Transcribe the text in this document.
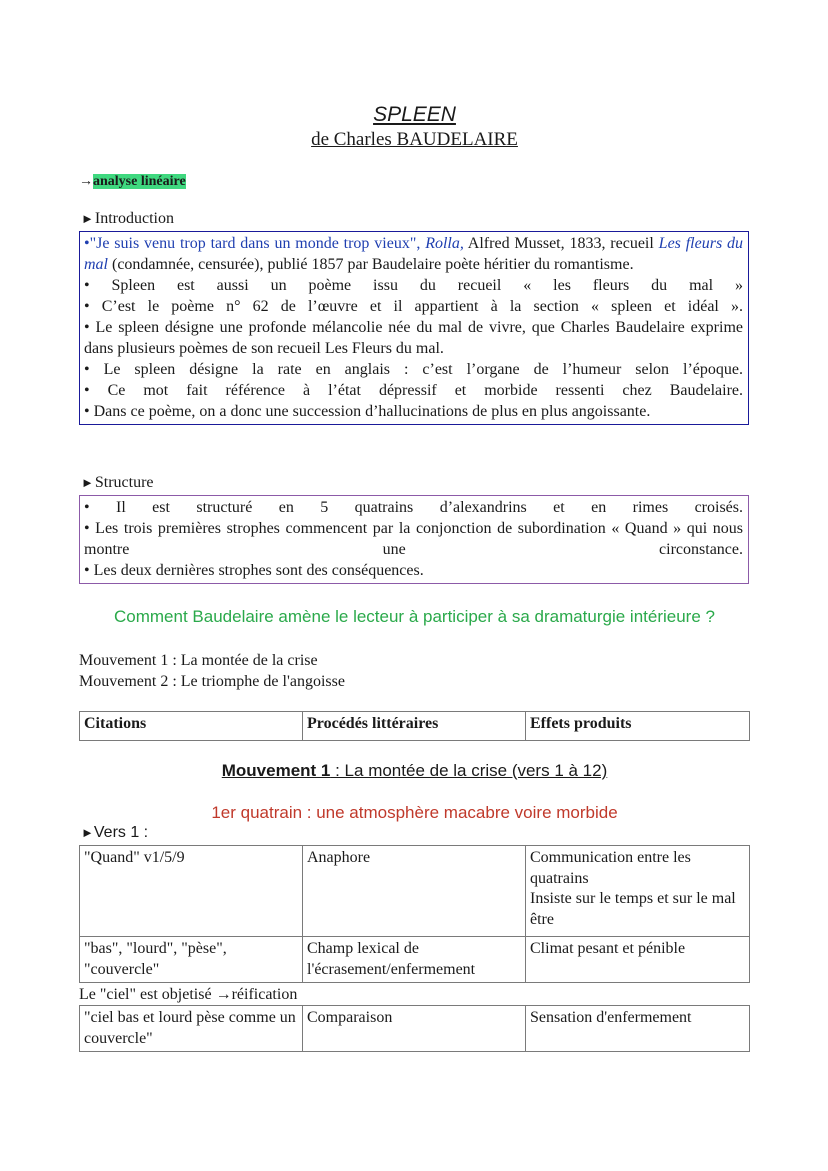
SPLEEN
de Charles BAUDELAIRE
→analyse linéaire
►Introduction

•"Je suis venu trop tard dans un monde trop vieux", Rolla, Alfred Musset, 1833, recueil Les fleurs du mal (condamnée, censurée), publié 1857 par Baudelaire poète héritier du romantisme.

• Spleen est aussi un poème issu du recueil « les fleurs du mal »

• C’est le poème n° 62 de l’œuvre et il appartient à la section « spleen et idéal ».

• Le spleen désigne une profonde mélancolie née du mal de vivre, que Charles Baudelaire exprime dans plusieurs poèmes de son recueil Les Fleurs du mal.

• Le spleen désigne la rate en anglais : c’est l’organe de l’humeur selon l’époque.

• Ce mot fait référence à l’état dépressif et morbide ressenti chez Baudelaire.

• Dans ce poème, on a donc une succession d’hallucinations de plus en plus angoissante.

►Structure

• Il est structuré en 5 quatrains d’alexandrins et en rimes croisés.

• Les trois premières strophes commencent par la conjonction de subordination « Quand » qui nous montre une circonstance.

• Les deux dernières strophes sont des conséquences.

Comment Baudelaire amène le lecteur à participer à sa dramaturgie intérieure ?
Mouvement 1 : La montée de la crise
Mouvement 2 : Le triomphe de l'angoisse
Citations	Procédés littéraires	Effets produits
Mouvement 1 : La montée de la crise (vers 1 à 12)
1er quatrain : une atmosphère macabre voire morbide
►Vers 1 :
"Quand" v1/5/9	Anaphore	Communication entre les quatrains
Insiste sur le temps et sur le mal être
"bas", "lourd", "pèse", "couvercle"	Champ lexical de l'écrasement/enfermement	Climat pesant et pénible
Le "ciel" est objetisé →réification
"ciel bas et lourd pèse comme un couvercle"	Comparaison	Sensation d'enfermement
